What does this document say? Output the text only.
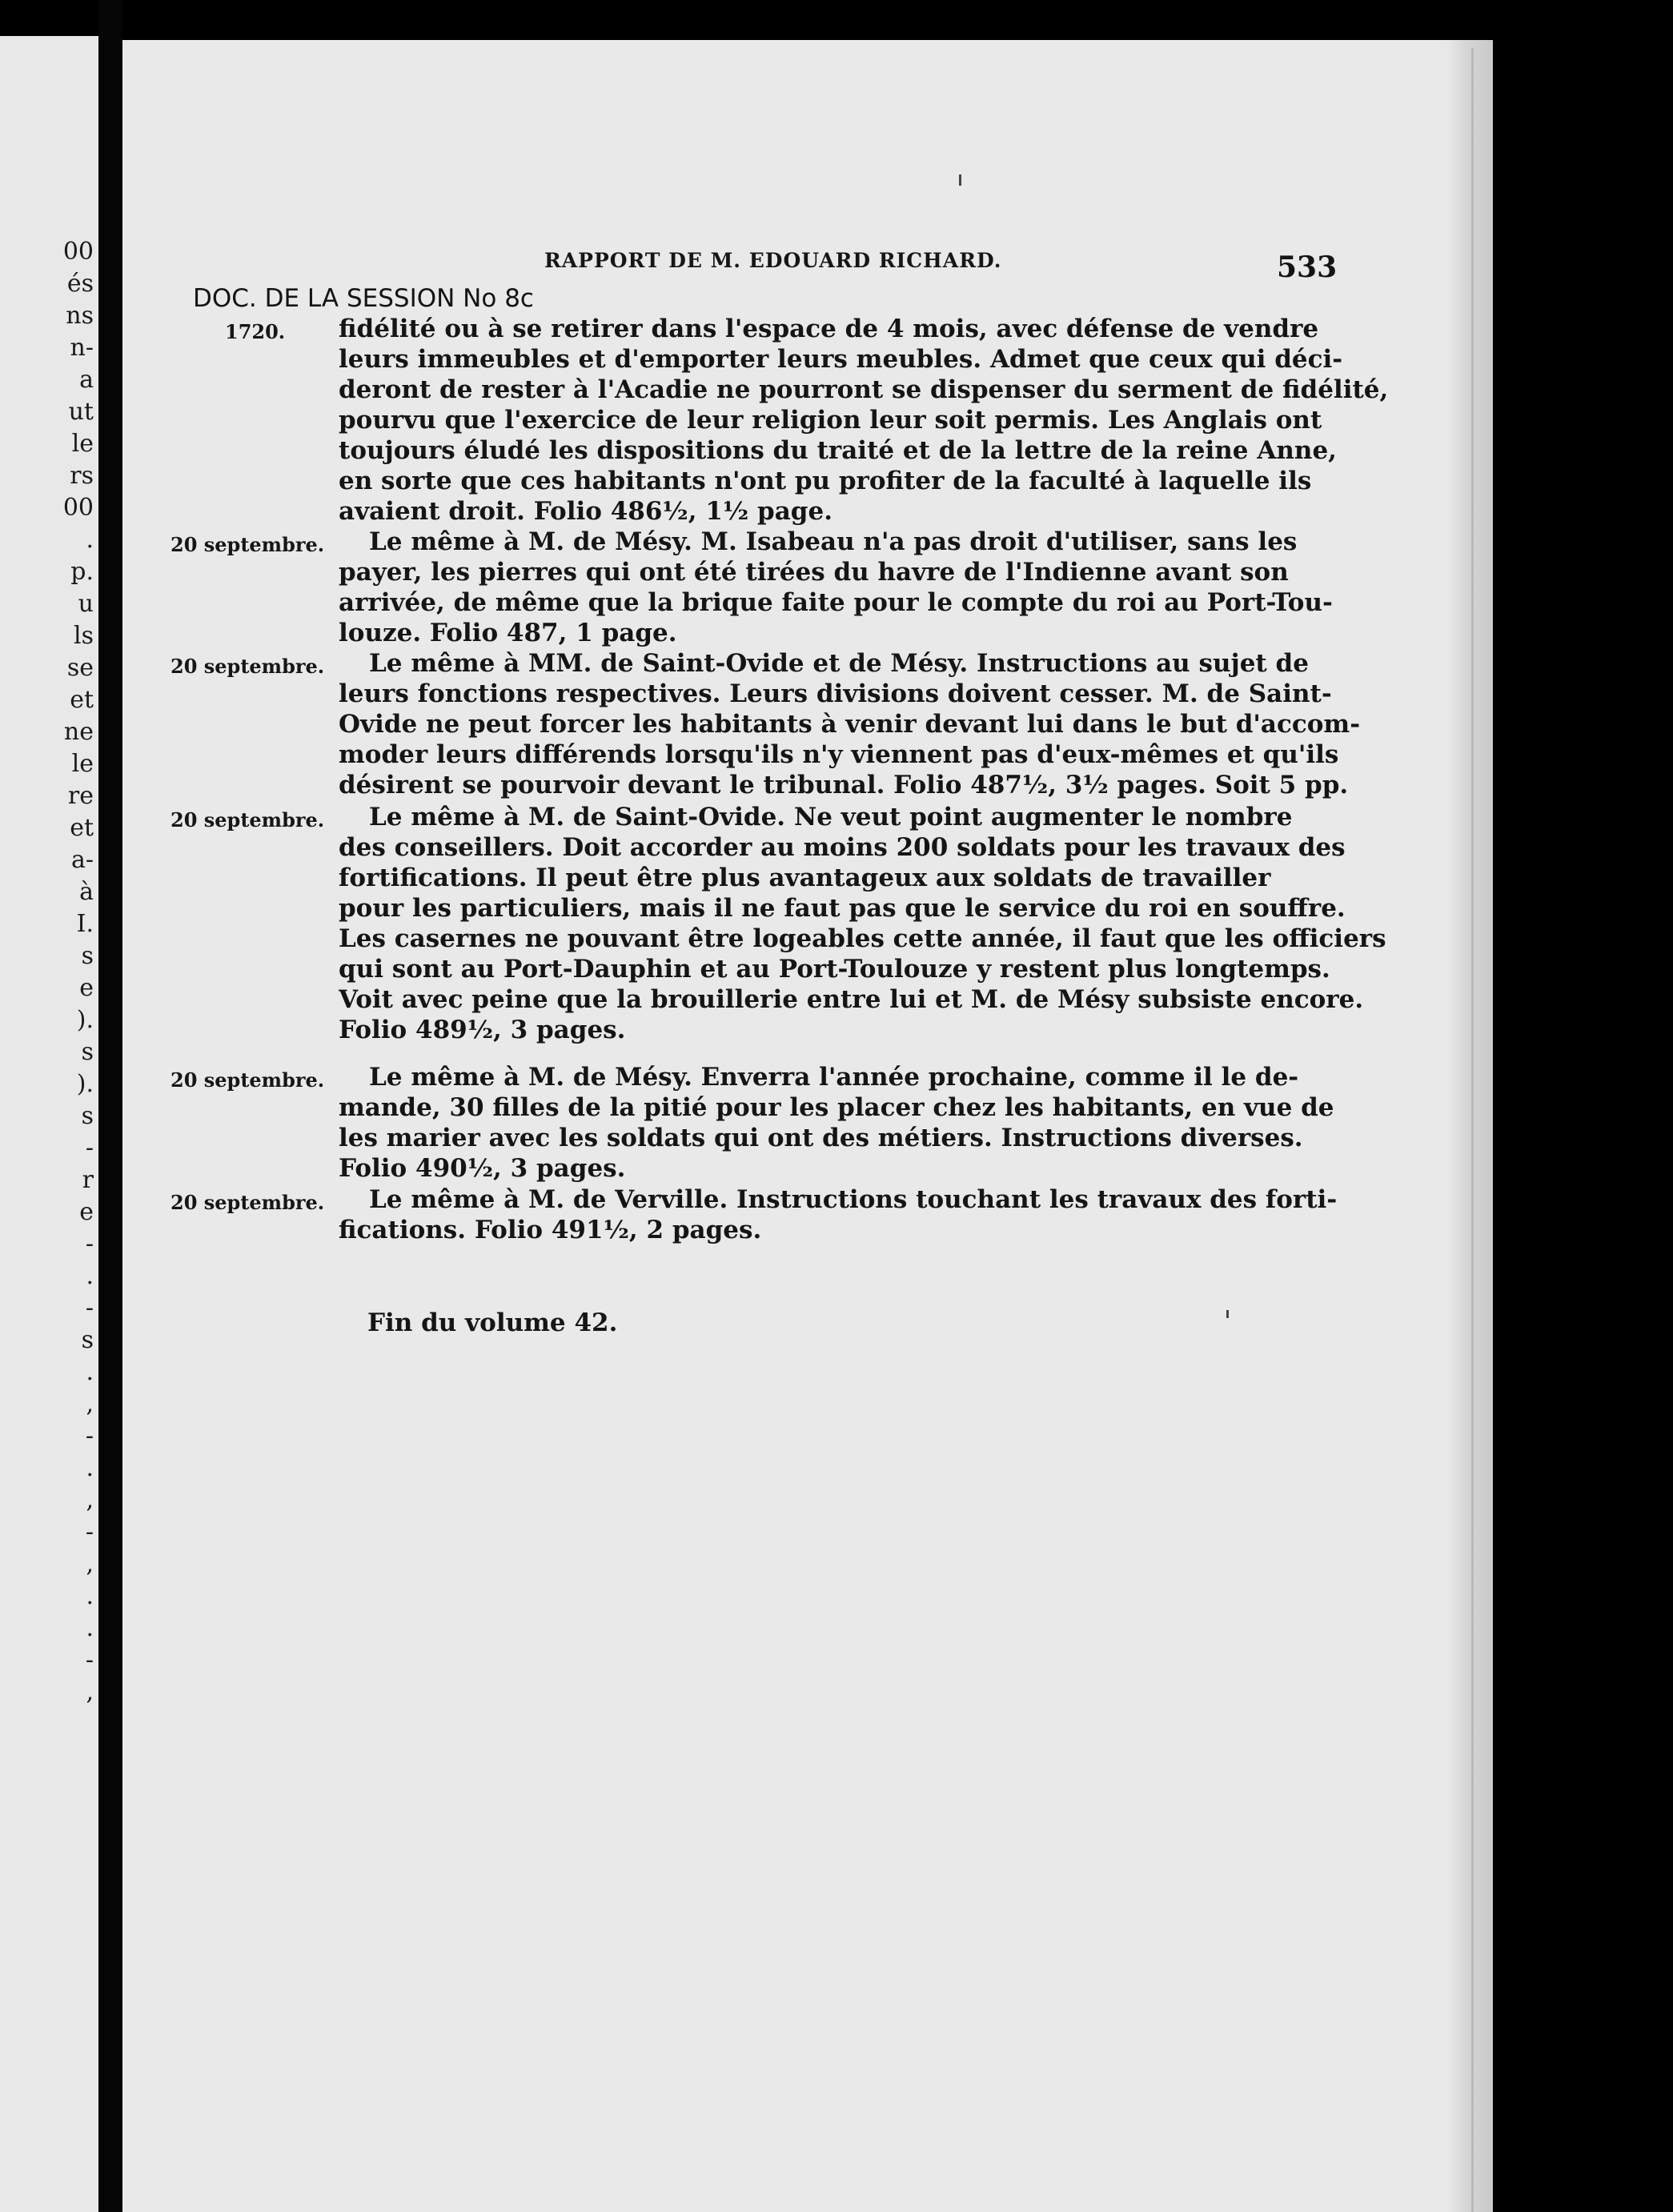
00
és
ns
n-
a
ut
le
rs
00
.
p.
u
ls
se
et
ne
le
re
et
a-
à
I.
s
e
).
s
).
s
-
r
e
-
.
-
s
.
,
-
.
,
-
,
.
.
-
,
RAPPORT DE M. EDOUARD RICHARD.	533
DOC. DE LA SESSION No 8c
1720.	fidélité ou à se retirer dans l'espace de 4 mois, avec défense de vendre
leurs immeubles et d'emporter leurs meubles. Admet que ceux qui déci-
deront de rester à l'Acadie ne pourront se dispenser du serment de fidélité,
pourvu que l'exercice de leur religion leur soit permis. Les Anglais ont
toujours éludé les dispositions du traité et de la lettre de la reine Anne,
en sorte que ces habitants n'ont pu profiter de la faculté à laquelle ils
avaient droit. Folio 486½, 1½ page.
20 septembre.	Le même à M. de Mésy. M. Isabeau n'a pas droit d'utiliser, sans les
payer, les pierres qui ont été tirées du havre de l'Indienne avant son
arrivée, de même que la brique faite pour le compte du roi au Port-Tou-
louze. Folio 487, 1 page.
20 septembre.	Le même à MM. de Saint-Ovide et de Mésy. Instructions au sujet de
leurs fonctions respectives. Leurs divisions doivent cesser. M. de Saint-
Ovide ne peut forcer les habitants à venir devant lui dans le but d'accom-
moder leurs différends lorsqu'ils n'y viennent pas d'eux-mêmes et qu'ils
désirent se pourvoir devant le tribunal. Folio 487½, 3½ pages. Soit 5 pp.
20 septembre.	Le même à M. de Saint-Ovide. Ne veut point augmenter le nombre
des conseillers. Doit accorder au moins 200 soldats pour les travaux des
fortifications. Il peut être plus avantageux aux soldats de travailler
pour les particuliers, mais il ne faut pas que le service du roi en souffre.
Les casernes ne pouvant être logeables cette année, il faut que les officiers
qui sont au Port-Dauphin et au Port-Toulouze y restent plus longtemps.
Voit avec peine que la brouillerie entre lui et M. de Mésy subsiste encore.
Folio 489½, 3 pages.
20 septembre.	Le même à M. de Mésy. Enverra l'année prochaine, comme il le de-
mande, 30 filles de la pitié pour les placer chez les habitants, en vue de
les marier avec les soldats qui ont des métiers. Instructions diverses.
Folio 490½, 3 pages.
20 septembre.	Le même à M. de Verville. Instructions touchant les travaux des forti-
fications. Folio 491½, 2 pages.
Fin du volume 42.
